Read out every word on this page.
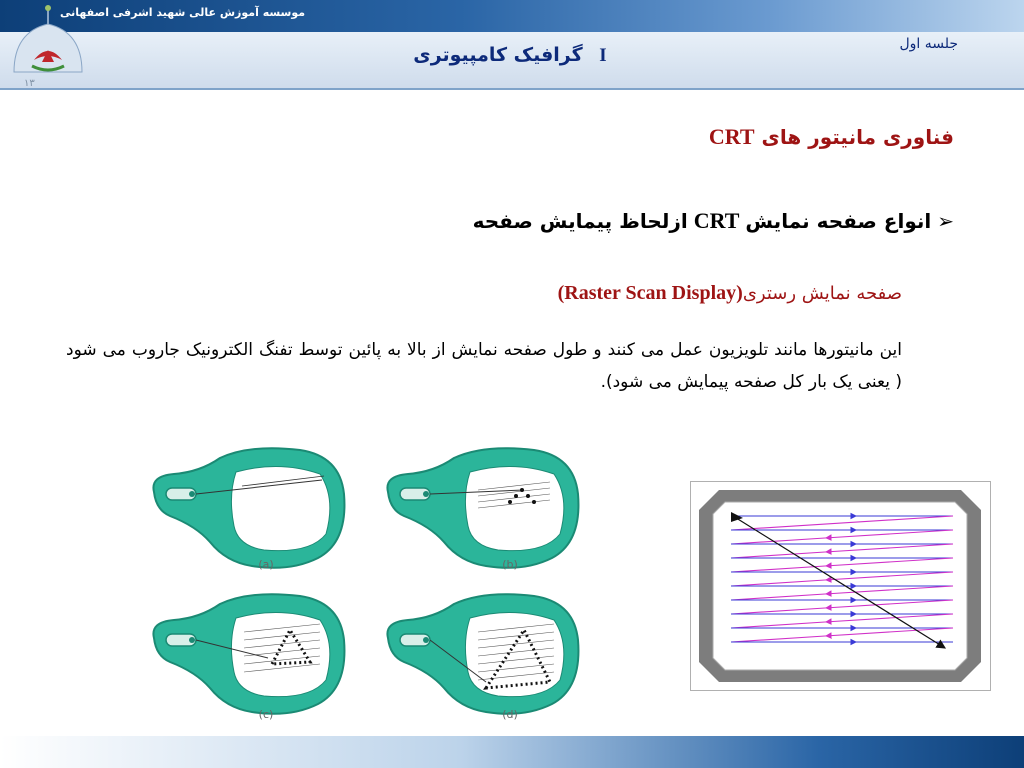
موسسه آموزش عالی شهید اشرفی اصفهانی
۱۳
I گرافیک کامپیوتری	جلسه اول
فناوری مانیتور های CRT
➢
انواع صفحه نمایش
CRT
ازلحاظ پیمایش صفحه
صفحه نمایش رستری(Raster Scan Display)
این مانیتورها مانند تلویزیون عمل می کنند و طول صفحه نمایش از بالا به پائین توسط تفنگ الکترونیک جاروب می شود ( یعنی یک بار کل صفحه پیمایش می شود).
(a)	(b)
(c)	(d)
